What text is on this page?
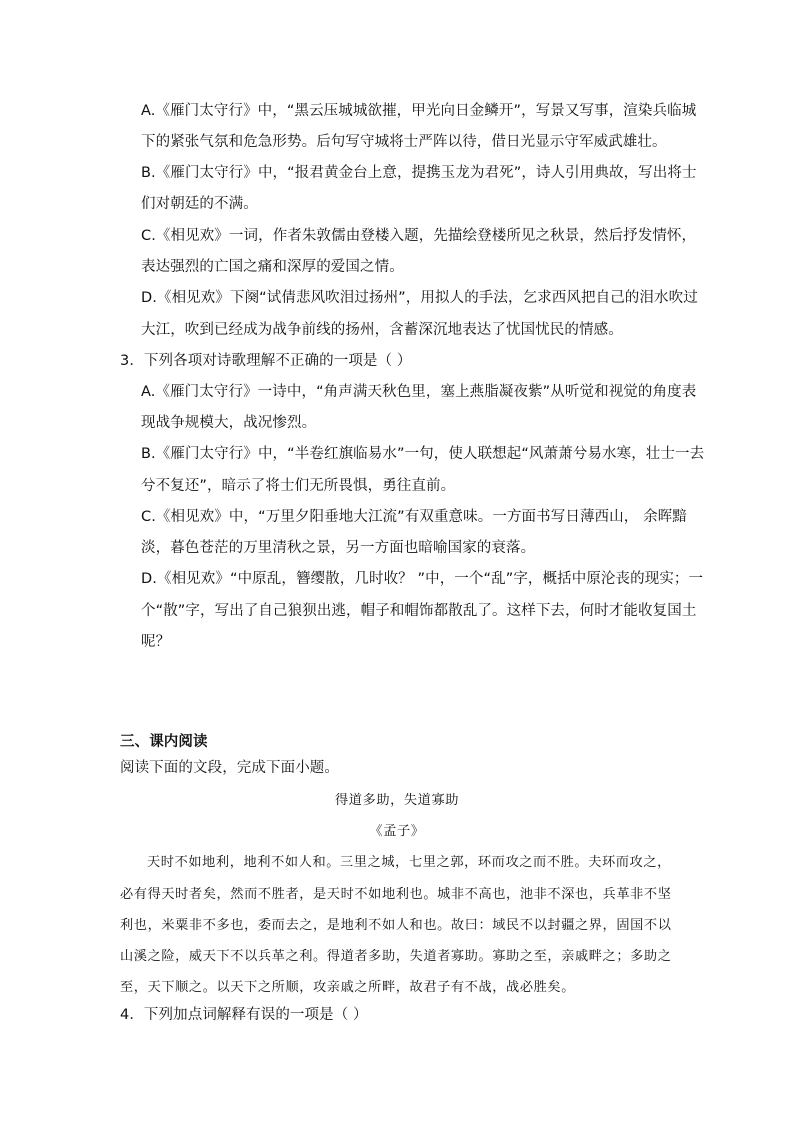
A.《雁门太守行》中，“黑云压城城欲摧，甲光向日金鳞开”，写景又写事，渲染兵临城
下的紧张气氛和危急形势。后句写守城将士严阵以待，借日光显示守军威武雄壮。
B.《雁门太守行》中，“报君黄金台上意，提携玉龙为君死”，诗人引用典故，写出将士
们对朝廷的不满。
C.《相见欢》一词，作者朱敦儒由登楼入题，先描绘登楼所见之秋景，然后抒发情怀，
表达强烈的亡国之痛和深厚的爱国之情。
D.《相见欢》下阕“试倩悲风吹泪过扬州”，用拟人的手法，乞求西风把自己的泪水吹过
大江，吹到已经成为战争前线的扬州，含蓄深沉地表达了忧国忧民的情感。
3．下列各项对诗歌理解不正确的一项是（ ）
A.《雁门太守行》一诗中，“角声满天秋色里，塞上燕脂凝夜紫”从听觉和视觉的角度表
现战争规模大，战况惨烈。
B.《雁门太守行》中，“半卷红旗临易水”一句，使人联想起“风萧萧兮易水寒，壮士一去
兮不复还”，暗示了将士们无所畏惧，勇往直前。
C.《相见欢》中，“万里夕阳垂地大江流”有双重意味。一方面书写日薄西山， 余晖黯
淡，暮色苍茫的万里清秋之景，另一方面也暗喻国家的衰落。
D.《相见欢》“中原乱，簪缨散，几时收？ ”中，一个“乱”字，概括中原沦丧的现实；一
个“散”字，写出了自己狼狈出逃，帽子和帽饰都散乱了。这样下去，何时才能收复国土
呢？
三、课内阅读
阅读下面的文段，完成下面小题。
得道多助，失道寡助
《孟子》
天时不如地利，地利不如人和。三里之城，七里之郭，环而攻之而不胜。夫环而攻之，
必有得天时者矣，然而不胜者，是天时不如地利也。城非不高也，池非不深也，兵革非不坚
利也，米粟非不多也，委而去之，是地利不如人和也。故曰：域民不以封疆之界，固国不以
山溪之险，威天下不以兵革之利。得道者多助，失道者寡助。寡助之至，亲戚畔之；多助之
至，天下顺之。以天下之所顺，攻亲戚之所畔，故君子有不战，战必胜矣。
4．下列加点词解释有误的一项是（ ）
